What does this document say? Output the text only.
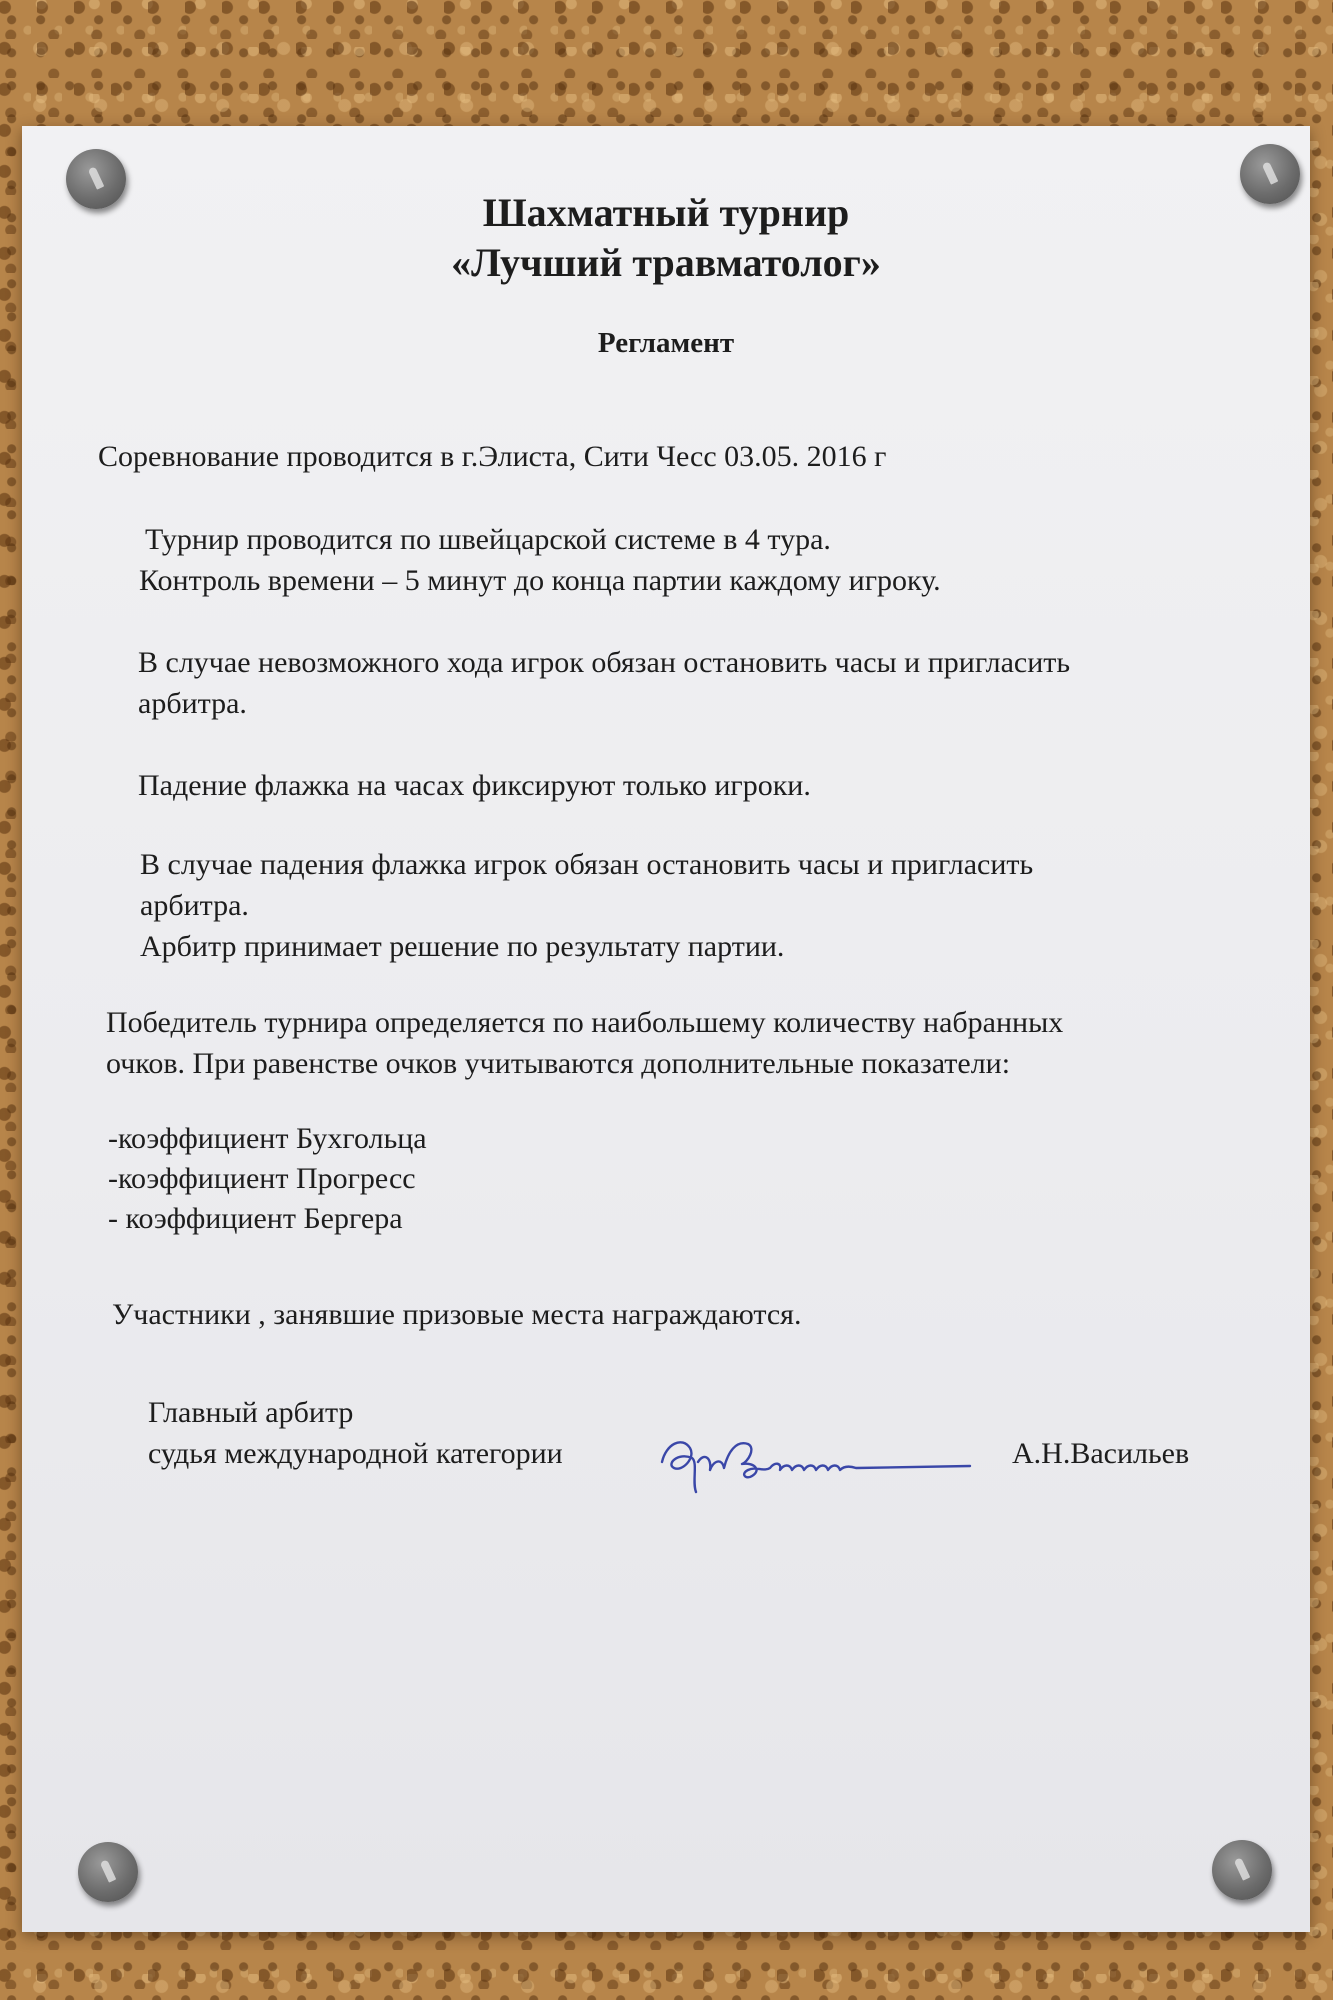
Шахматный турнир
«Лучший травматолог»
Регламент
Соревнование проводится в г.Элиста, Сити Чесс 03.05. 2016 г
Турнир проводится по швейцарской системе в 4 тура.
Контроль времени – 5 минут до конца партии каждому игроку.
В случае невозможного хода игрок обязан остановить часы и пригласить
арбитра.
Падение флажка на часах фиксируют только игроки.
В случае падения флажка игрок обязан остановить часы и пригласить
арбитра.
Арбитр принимает решение по результату партии.
Победитель турнира определяется по наибольшему количеству набранных
очков. При равенстве очков учитываются дополнительные показатели:
-коэффициент Бухгольца
-коэффициент Прогресс
- коэффициент Бергера
Участники , занявшие призовые места награждаются.
Главный арбитр
судья международной категории	А.Н.Васильев
